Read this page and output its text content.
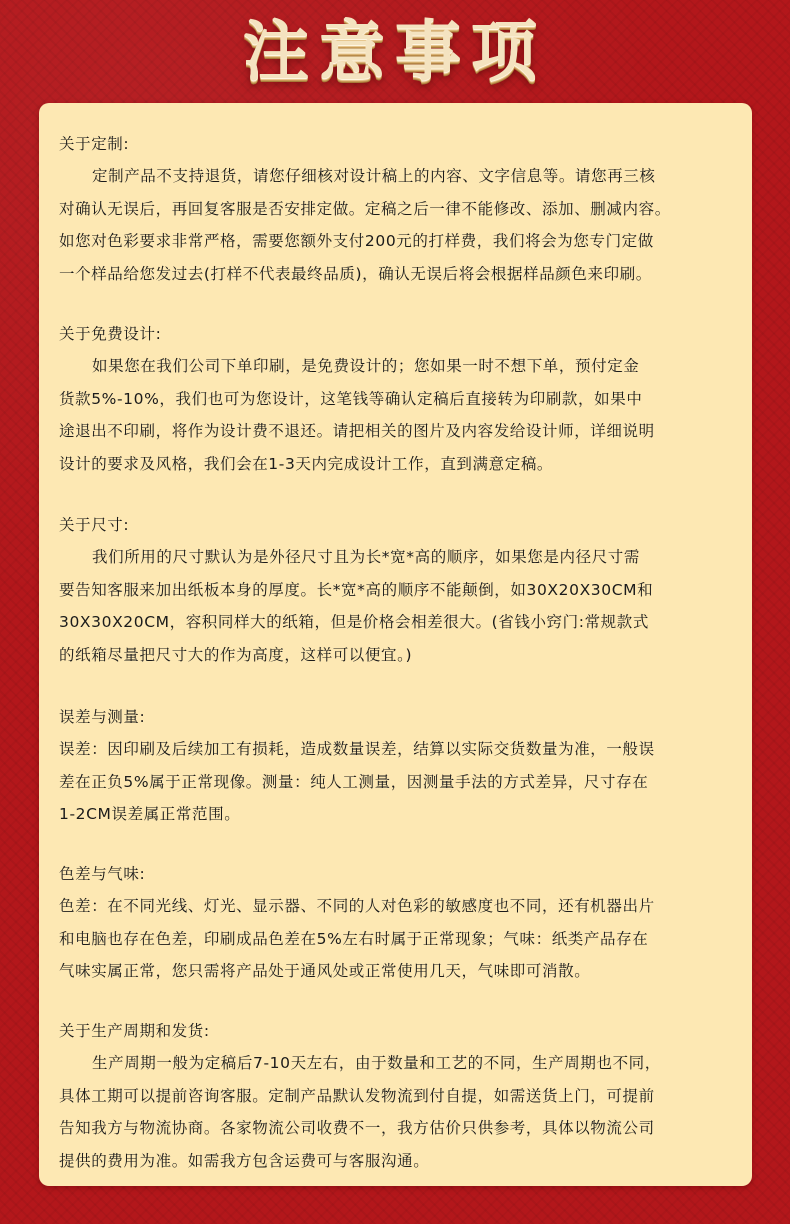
注意事项
关于定制:
定制产品不支持退货，请您仔细核对设计稿上的内容、文字信息等。请您再三核
对确认无误后，再回复客服是否安排定做。定稿之后一律不能修改、添加、删减内容。
如您对色彩要求非常严格，需要您额外支付200元的打样费，我们将会为您专门定做
一个样品给您发过去(打样不代表最终品质)，确认无误后将会根据样品颜色来印刷。
关于免费设计:
如果您在我们公司下单印刷，是免费设计的；您如果一时不想下单，预付定金
货款5%-10%，我们也可为您设计，这笔钱等确认定稿后直接转为印刷款，如果中
途退出不印刷，将作为设计费不退还。请把相关的图片及内容发给设计师，详细说明
设计的要求及风格，我们会在1-3天内完成设计工作，直到满意定稿。
关于尺寸:
我们所用的尺寸默认为是外径尺寸且为长*宽*高的顺序，如果您是内径尺寸需
要告知客服来加出纸板本身的厚度。长*宽*高的顺序不能颠倒，如30X20X30CM和
30X30X20CM，容积同样大的纸箱，但是价格会相差很大。(省钱小窍门:常规款式
的纸箱尽量把尺寸大的作为高度，这样可以便宜。)
误差与测量:
误差：因印刷及后续加工有损耗，造成数量误差，结算以实际交货数量为准，一般误
差在正负5%属于正常现像。测量：纯人工测量，因测量手法的方式差异，尺寸存在
1-2CM误差属正常范围。
色差与气味:
色差：在不同光线、灯光、显示器、不同的人对色彩的敏感度也不同，还有机器出片
和电脑也存在色差，印刷成品色差在5%左右时属于正常现象；气味：纸类产品存在
气味实属正常，您只需将产品处于通风处或正常使用几天，气味即可消散。
关于生产周期和发货:
生产周期一般为定稿后7-10天左右，由于数量和工艺的不同，生产周期也不同，
具体工期可以提前咨询客服。定制产品默认发物流到付自提，如需送货上门，可提前
告知我方与物流协商。各家物流公司收费不一，我方估价只供参考，具体以物流公司
提供的费用为准。如需我方包含运费可与客服沟通。
